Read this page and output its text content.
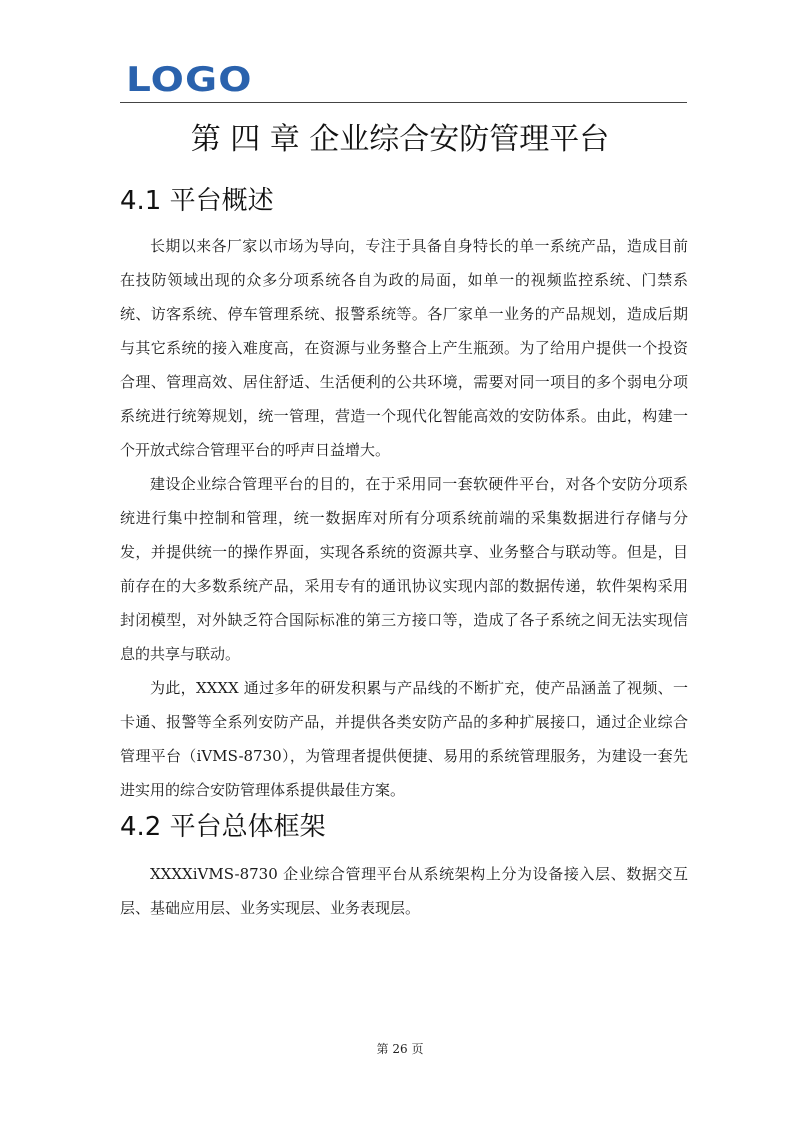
LOGO
第 四 章 企业综合安防管理平台
4.1 平台概述

长期以来各厂家以市场为导向，专注于具备自身特长的单一系统产品，造成目前在技防领域出现的众多分项系统各自为政的局面，如单一的视频监控系统、门禁系统、访客系统、停车管理系统、报警系统等。各厂家单一业务的产品规划，造成后期与其它系统的接入难度高，在资源与业务整合上产生瓶颈。为了给用户提供一个投资合理、管理高效、居住舒适、生活便利的公共环境，需要对同一项目的多个弱电分项系统进行统筹规划，统一管理，营造一个现代化智能高效的安防体系。由此，构建一个开放式综合管理平台的呼声日益增大。

建设企业综合管理平台的目的，在于采用同一套软硬件平台，对各个安防分项系统进行集中控制和管理，统一数据库对所有分项系统前端的采集数据进行存储与分发，并提供统一的操作界面，实现各系统的资源共享、业务整合与联动等。但是，目前存在的大多数系统产品，采用专有的通讯协议实现内部的数据传递，软件架构采用封闭模型，对外缺乏符合国际标准的第三方接口等，造成了各子系统之间无法实现信息的共享与联动。

为此，XXXX 通过多年的研发积累与产品线的不断扩充，使产品涵盖了视频、一卡通、报警等全系列安防产品，并提供各类安防产品的多种扩展接口，通过企业综合管理平台（iVMS-8730），为管理者提供便捷、易用的系统管理服务，为建设一套先进实用的综合安防管理体系提供最佳方案。

4.2 平台总体框架

XXXXiVMS-8730 企业综合管理平台从系统架构上分为设备接入层、数据交互层、基础应用层、业务实现层、业务表现层。

第 26 页
